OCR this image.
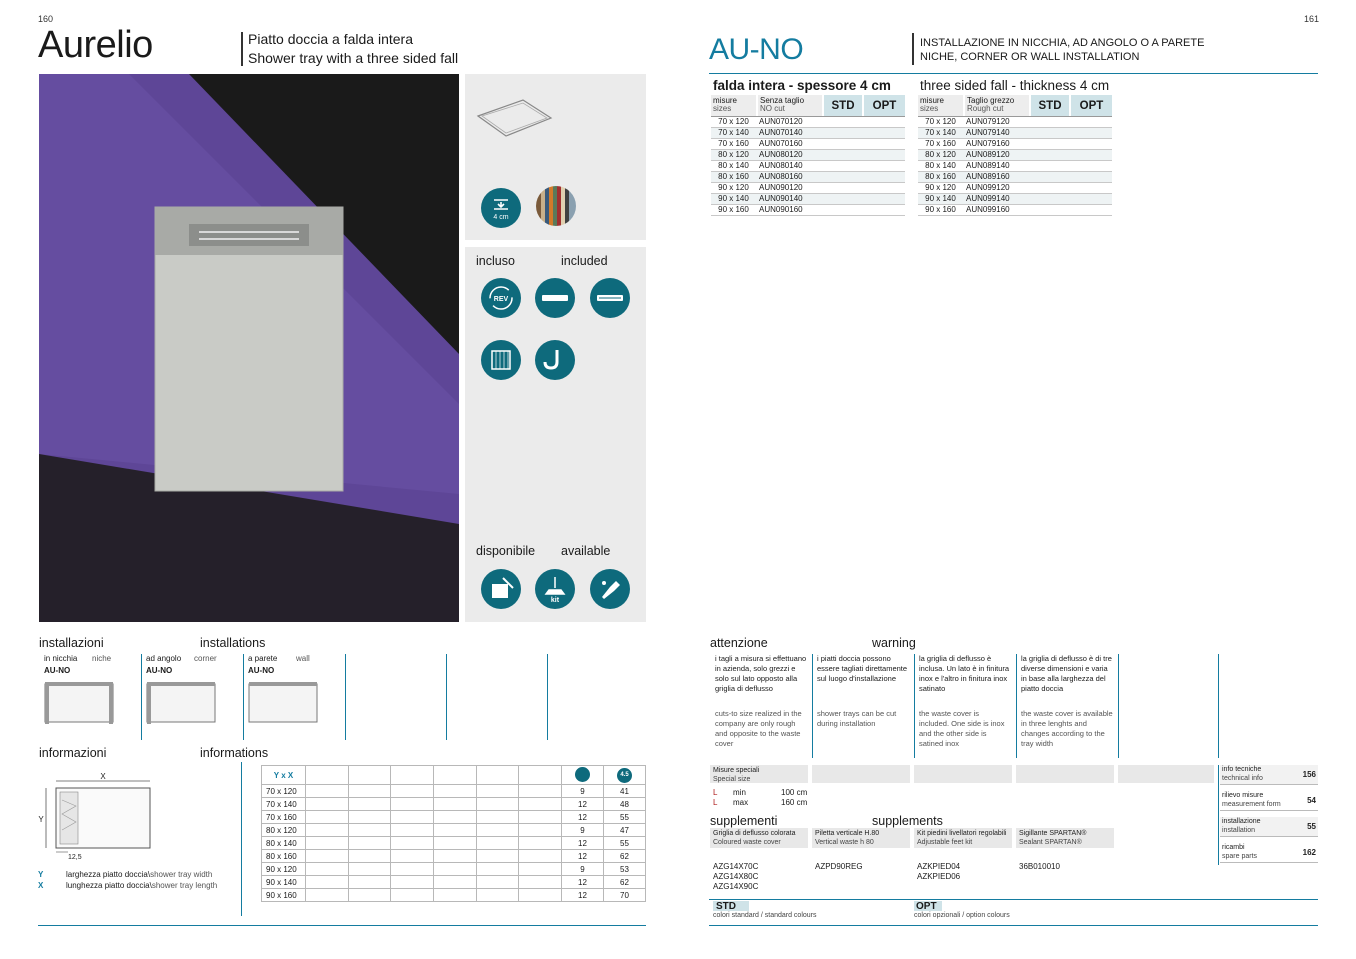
160
Aurelio	Piatto doccia a falda intera
Shower tray with a three sided fall
4 cm
incluso	included
REV
disponibile available
kit
installazioni	installations
in nicchia niche
AU-NO
ad angolo corner
AU-NO
a parete wall
AU-NO
informazioni	informations
X
Y
12,5
Y	larghezza piatto doccia\ shower tray width
X	lunghezza piatto doccia\ shower tray length
Y x X								4.5
70 x 120							9	41
70 x 140							12	48
70 x 160							12	55
80 x 120							9	47
80 x 140							12	55
80 x 160							12	62
90 x 120							9	53
90 x 140							12	62
90 x 160							12	70
161
AU-NO	INSTALLAZIONE IN NICCHIA, AD ANGOLO O A PARETE
NICHE, CORNER OR WALL INSTALLATION
falda intera - spessore 4 cm three sided fall - thickness 4 cm
misure
sizes
Senza taglio
NO cut	STD	OPT
70 x 120	AUN070120		
70 x 140	AUN070140		
70 x 160	AUN070160		
80 x 120	AUN080120		
80 x 140	AUN080140		
80 x 160	AUN080160		
90 x 120	AUN090120		
90 x 140	AUN090140		
90 x 160	AUN090160		
misure
sizes
Taglio grezzo
Rough cut	STD	OPT
70 x 120	AUN079120		
70 x 140	AUN079140		
70 x 160	AUN079160		
80 x 120	AUN089120		
80 x 140	AUN089140		
80 x 160	AUN089160		
90 x 120	AUN099120		
90 x 140	AUN099140		
90 x 160	AUN099160		
attenzione	warning
i tagli a misura si effettuano in azienda, solo grezzi e solo sul lato opposto alla griglia di deflusso
cuts-to size realized in the company are only rough and opposite to the waste cover
i piatti doccia possono essere tagliati direttamente sul luogo d'installazione
shower trays can be cut during installation
la griglia di deflusso è inclusa. Un lato è in finitura inox e l'altro in finitura inox satinato
the waste cover is included. One side is inox and the other side is satined inox
la griglia di deflusso è di tre diverse dimensioni e varia in base alla larghezza del piatto doccia
the waste cover is available in three lenghts and changes according to the tray width
Misure speciali
Special size
L	min	100 cm
L	max	160 cm
supplementi	supplements
Griglia di deflusso colorata
Coloured waste cover
AZG14X70C
AZG14X80C
AZG14X90C
Piletta verticale H.80
Vertical waste h 80
AZPD90REG
Kit piedini livellatori regolabili
Adjustable feet kit
AZKPIED04
AZKPIED06
Sigillante SPARTAN®
Sealant SPARTAN®
36B010010
info tecniche
technical info	156
rilievo misure
measurement form	54
installazione
installation	55
ricambi
spare parts	162
STD
colori standard / standard colours
OPT
colori opzionali / option colours
